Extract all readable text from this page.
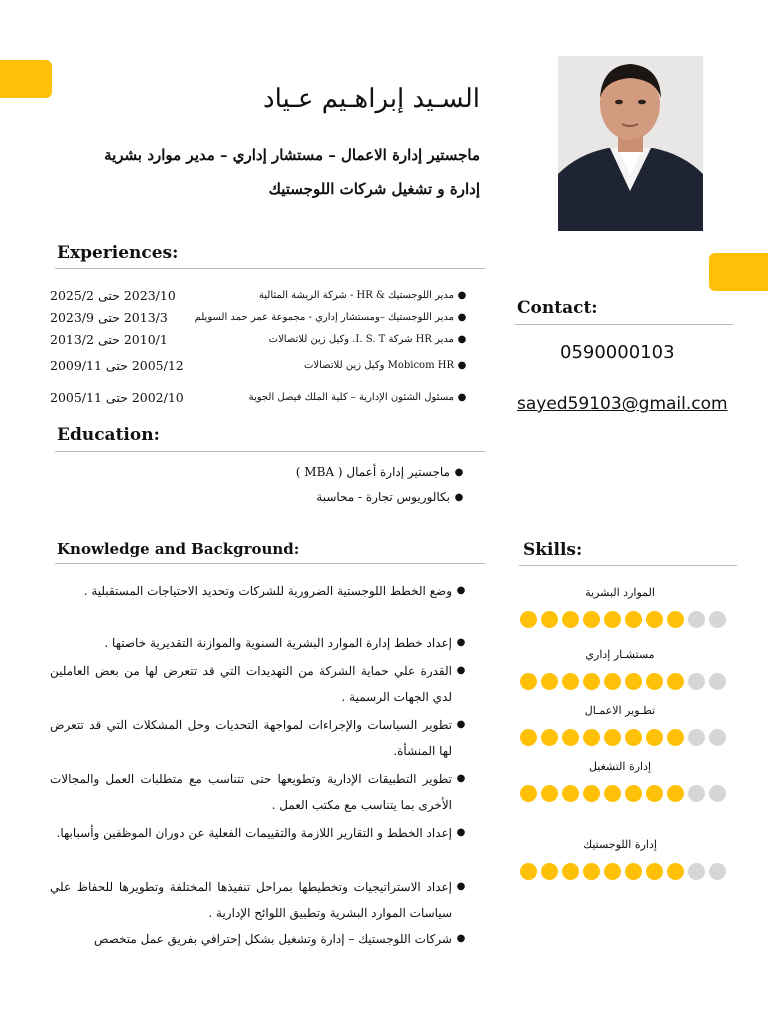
السـيد إبراهـيم عـياد
ماجستير إدارة الاعمال – مستشار إداري – مدير موارد بشرية
إدارة و تشغيل شركات اللوجستيك
Experiences:
●
مدير اللوجستيك & HR - شركة الريشة المثالية
2023/10 حتى 2025/2
●
مدير اللوجستيك –ومستشار إداري - مجموعة عمر حمد السويلم
2013/3 حتى 2023/9
●
مدير HR شركة I. S. T. وكيل زين للاتصالات
2010/1 حتى 2013/2
●
Mobicom HR وكيل زين للاتصالات
2005/12 حتى 2009/11
●
مسئول الشئون الإدارية – كلية الملك فيصل الجوية
2002/10 حتى 2005/11
Education:
●
ماجستير إدارة أعمال ( MBA )
●
بكالوريوس تجارة - محاسبة
Knowledge and Background:
●
وضع الخطط اللوجستية الضرورية للشركات وتحديد الاحتياجات المستقبلية .
●
إعداد خطط إدارة الموارد البشرية السنوية والموازنة التقديرية خاصتها .
●
القدرة علي حماية الشركة من التهديدات التي قد تتعرض لها من بعض العاملين لدي الجهات الرسمية .
●
تطوير السياسات والإجراءات لمواجهة التحديات وحل المشكلات التي قد تتعرض لها المنشأة.
●
تطوير التطبيقات الإدارية وتطويعها حتى تتناسب مع متطلبات العمل والمجالات الأخرى بما يتناسب مع مكتب العمل .
●
إعداد الخطط و التقارير اللازمة والتقييمات الفعلية عن دوران الموظفين وأسبابها.
●
إعداد الاستراتيجيات وتخطيطها بمراحل تنفيذها المختلفة وتطويرها للحفاظ علي سياسات الموارد البشرية وتطبيق اللوائح الإدارية .
●
شركات اللوجستيك – إدارة وتشغيل بشكل إحترافي بفريق عمل متخصص
Contact:
0590000103
sayed59103@gmail.com
Skills:
الموارد البشرية
مستشـار إداري
تطـوير الاعمـال
إدارة التشغيل
إدارة اللوجستيك
